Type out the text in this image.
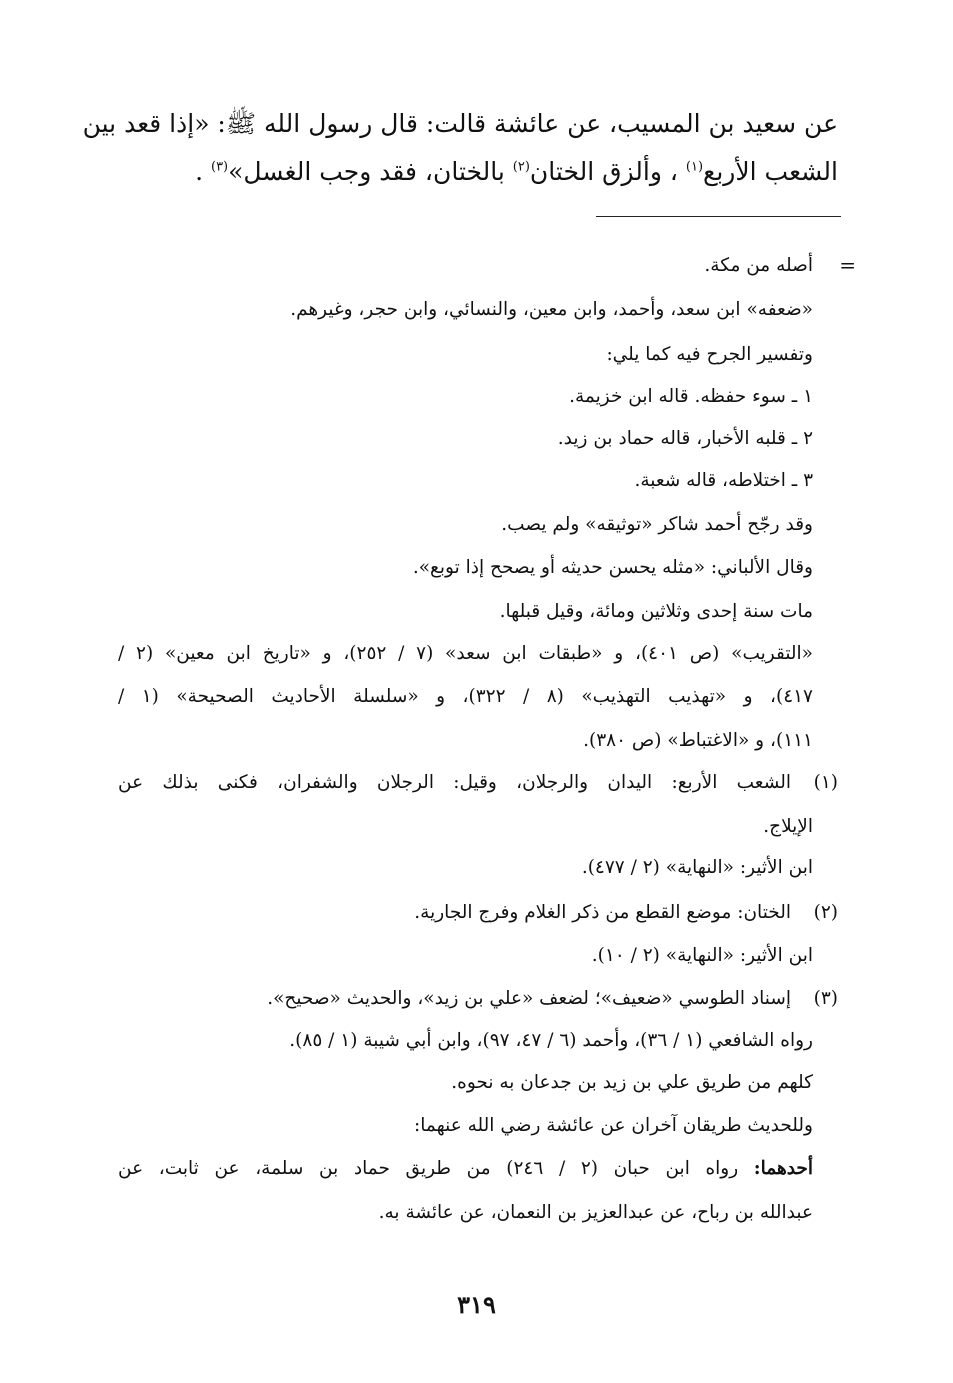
عن سعيد بن المسيب، عن عائشة قالت: قال رسول الله ﷺ: «إذا قعد بين

الشعب الأربع$^{(١)}$ ، وألزق الختان$^{(٢)}$ بالختان، فقد وجب الغسل»$^{(٣)}$ .

=

أصله من مكة.

«ضعفه» ابن سعد، وأحمد، وابن معين، والنسائي، وابن حجر، وغيرهم.

وتفسير الجرح فيه كما يلي:

١ ـ سوء حفظه. قاله ابن خزيمة.

٢ ـ قلبه الأخبار، قاله حماد بن زيد.

٣ ـ اختلاطه، قاله شعبة.

وقد رجّح أحمد شاكر «توثيقه» ولم يصب.

وقال الألباني: «مثله يحسن حديثه أو يصحح إذا توبع».

مات سنة إحدى وثلاثين ومائة، وقيل قبلها.

«التقريب» (ص ٤٠١)، و «طبقات ابن سعد» (٧ / ٢٥٢)، و «تاريخ ابن معين» (٢ /

٤١٧)، و «تهذيب التهذيب» (٨ / ٣٢٢)، و «سلسلة الأحاديث الصحيحة» (١ /

١١١)، و «الاغتباط» (ص ٣٨٠).

(١)

الشعب الأربع: اليدان والرجلان، وقيل: الرجلان والشفران، فكنى بذلك عن

الإيلاج.

ابن الأثير: «النهاية» (٢ / ٤٧٧).

(٢)

الختان: موضع القطع من ذكر الغلام وفرج الجارية.

ابن الأثير: «النهاية» (٢ / ١٠).

(٣)

إسناد الطوسي «ضعيف»؛ لضعف «علي بن زيد»، والحديث «صحيح».

رواه الشافعي (١ / ٣٦)، وأحمد (٦ / ٤٧، ٩٧)، وابن أبي شيبة (١ / ٨٥).

كلهم من طريق علي بن زيد بن جدعان به نحوه.

وللحديث طريقان آخران عن عائشة رضي الله عنهما:

أحدهما: رواه ابن حبان (٢ / ٢٤٦) من طريق حماد بن سلمة، عن ثابت، عن

عبدالله بن رباح، عن عبدالعزيز بن النعمان، عن عائشة به.

٣١٩
